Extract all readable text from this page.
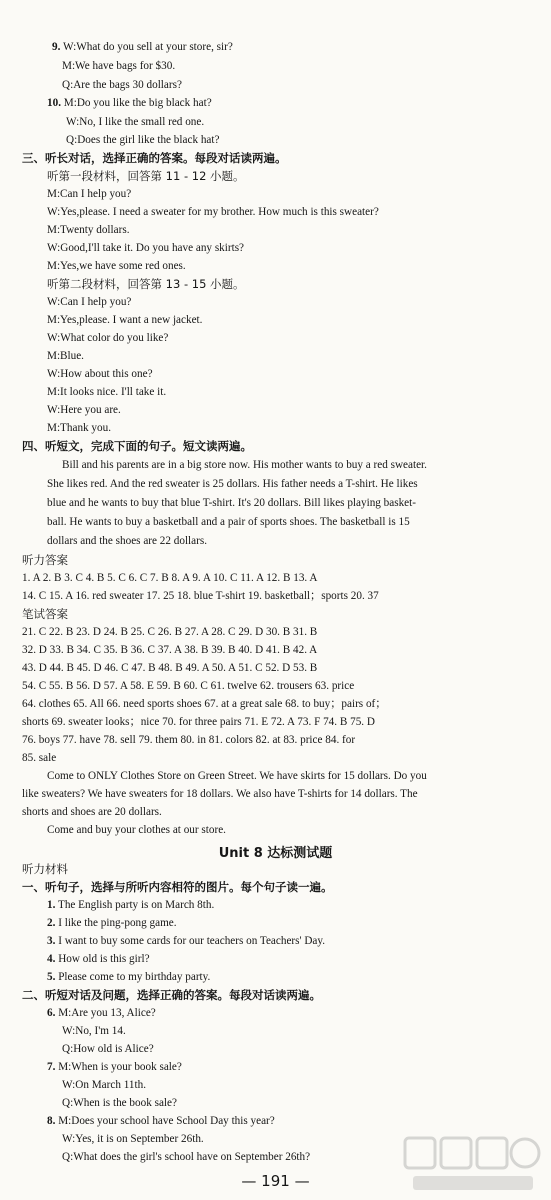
9. W:What do you sell at your store, sir?
M:We have bags for $30.
Q:Are the bags 30 dollars?
10. M:Do you like the big black hat?
W:No, I like the small red one.
Q:Does the girl like the black hat?
三、听长对话，选择正确的答案。每段对话读两遍。
听第一段材料，回答第 11 - 12 小题。
M:Can I help you?
W:Yes,please. I need a sweater for my brother. How much is this sweater?
M:Twenty dollars.
W:Good,I'll take it. Do you have any skirts?
M:Yes,we have some red ones.
听第二段材料，回答第 13 - 15 小题。
W:Can I help you?
M:Yes,please. I want a new jacket.
W:What color do you like?
M:Blue.
W:How about this one?
M:It looks nice. I'll take it.
W:Here you are.
M:Thank you.
四、听短文，完成下面的句子。短文读两遍。
Bill and his parents are in a big store now. His mother wants to buy a red sweater.
She likes red. And the red sweater is 25 dollars. His father needs a T-shirt. He likes
blue and he wants to buy that blue T-shirt. It's 20 dollars. Bill likes playing basket-
ball. He wants to buy a basketball and a pair of sports shoes. The basketball is 15
dollars and the shoes are 22 dollars.
听力答案
1. A 2. B 3. C 4. B 5. C 6. C 7. B 8. A 9. A 10. C 11. A 12. B 13. A
14. C 15. A 16. red sweater 17. 25 18. blue T-shirt 19. basketball；sports 20. 37
笔试答案
21. C 22. B 23. D 24. B 25. C 26. B 27. A 28. C 29. D 30. B 31. B
32. D 33. B 34. C 35. B 36. C 37. A 38. B 39. B 40. D 41. B 42. A
43. D 44. B 45. D 46. C 47. B 48. B 49. A 50. A 51. C 52. D 53. B
54. C 55. B 56. D 57. A 58. E 59. B 60. C 61. twelve 62. trousers 63. price
64. clothes 65. All 66. need sports shoes 67. at a great sale 68. to buy；pairs of；
shorts 69. sweater looks；nice 70. for three pairs 71. E 72. A 73. F 74. B 75. D
76. boys 77. have 78. sell 79. them 80. in 81. colors 82. at 83. price 84. for
85. sale
Come to ONLY Clothes Store on Green Street. We have skirts for 15 dollars. Do you
like sweaters? We have sweaters for 18 dollars. We also have T-shirts for 14 dollars. The
shorts and shoes are 20 dollars.
Come and buy your clothes at our store.
Unit 8 达标测试题
听力材料
一、听句子，选择与所听内容相符的图片。每个句子读一遍。
1. The English party is on March 8th.
2. I like the ping-pong game.
3. I want to buy some cards for our teachers on Teachers' Day.
4. How old is this girl?
5. Please come to my birthday party.
二、听短对话及问题，选择正确的答案。每段对话读两遍。
6. M:Are you 13, Alice?
W:No, I'm 14.
Q:How old is Alice?
7. M:When is your book sale?
W:On March 11th.
Q:When is the book sale?
8. M:Does your school have School Day this year?
W:Yes, it is on September 26th.
Q:What does the girl's school have on September 26th?
— 191 —
